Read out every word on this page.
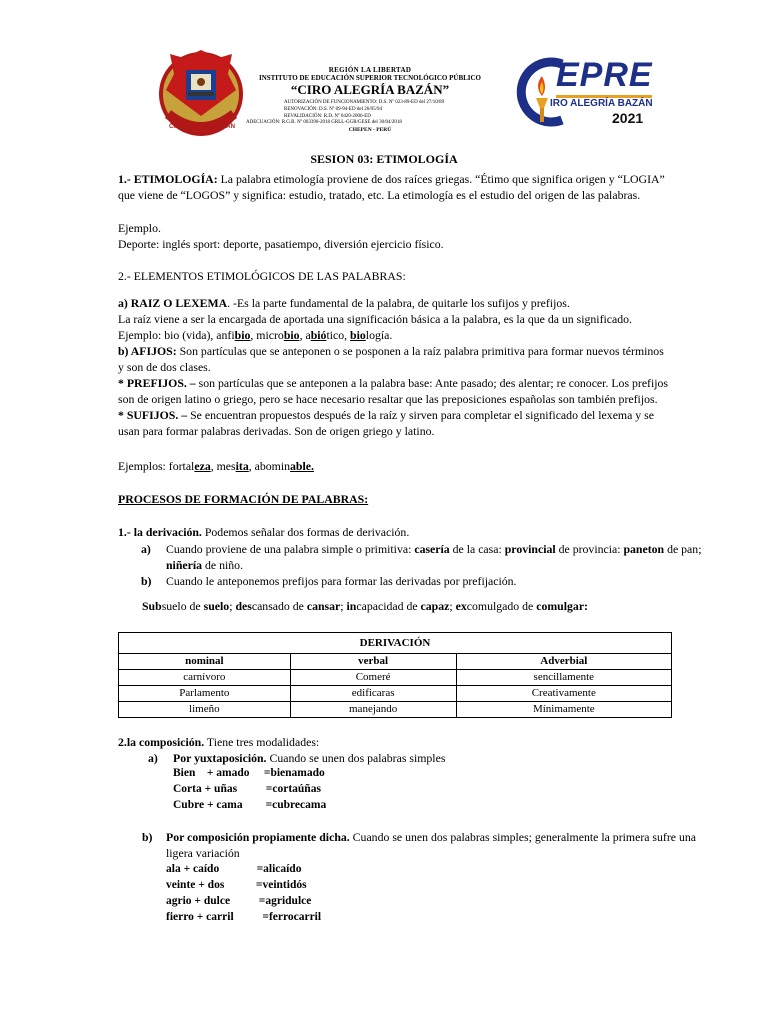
CIRO ALEGRÍA BAZÁN
REGIÓN LA LIBERTAD
INSTITUTO DE EDUCACIÓN SUPERIOR TECNOLÓGICO PÚBLICO
“CIRO ALEGRÍA BAZÁN”
AUTORIZACIÓN DE FUNCIONAMIENTO: D.S. Nº 023-89-ED del 27/10/89
RENOVACIÓN: D.S. Nº 09-94-ED del 26/05/94
REVALIDACIÓN: R.D. Nº 0420-2006-ED
ADECUACIÓN: R.G.R. Nº 003390-2018 GRLL-GGR/GESE del 30/04/2018
CHEPEN - PERÚ
EPRE
IRO ALEGRÍA BAZÁN
2021
SESION 03: ETIMOLOGÍA
1.- ETIMOLOGÍA: La palabra etimología proviene de dos raíces griegas. “Étimo que significa origen y “LOGIA” que viene de “LOGOS” y significa: estudio, tratado, etc. La etimología es el estudio del origen de las palabras.
Ejemplo.
Deporte: inglés sport: deporte, pasatiempo, diversión ejercicio físico.
2.- ELEMENTOS ETIMOLÓGICOS DE LAS PALABRAS:
a) RAIZ O LEXEMA. -Es la parte fundamental de la palabra, de quitarle los sufijos y prefijos.
La raíz viene a ser la encargada de aportada una significación básica a la palabra, es la que da un significado.
Ejemplo: bio (vida), anfibio, microbio, abiótico, biología.
b) AFIJOS: Son partículas que se anteponen o se posponen a la raíz palabra primitiva para formar nuevos términos y son de dos clases.
* PREFIJOS. – son partículas que se anteponen a la palabra base: Ante pasado; des alentar; re conocer. Los prefijos son de origen latino o griego, pero se hace necesario resaltar que las preposiciones españolas son también prefijos.
* SUFIJOS. – Se encuentran propuestos después de la raíz y sirven para completar el significado del lexema y se usan para formar palabras derivadas. Son de origen griego y latino.
Ejemplos: fortaleza, mesita, abominable.
PROCESOS DE FORMACIÓN DE PALABRAS:
1.- la derivación. Podemos señalar dos formas de derivación.
a) Cuando proviene de una palabra simple o primitiva: casería de la casa: provincial de provincia: paneton de pan; niñería de niño.
b) Cuando le anteponemos prefijos para formar las derivadas por prefijación.
Subsuelo de suelo; descansado de cansar; incapacidad de capaz; excomulgado de comulgar:
DERIVACIÓN		
nominal	verbal	Adverbial
carnívoro	Comeré	sencillamente
Parlamento	edificaras	Creativamente
limeño	manejando	Mínimamente
2.la composición. Tiene tres modalidades:
a) Por yuxtaposición. Cuando se unen dos palabras simples
Bien    + amado     =bienamado
Corta + uñas          =cortaúñas
Cubre + cama        =cubrecama
b) Por composición propiamente dicha. Cuando se unen dos palabras simples; generalmente la primera sufre una ligera variación
ala + caído             =alicaído
veinte + dos           =veintidós
agrio + dulce          =agridulce
fierro + carril          =ferrocarril
